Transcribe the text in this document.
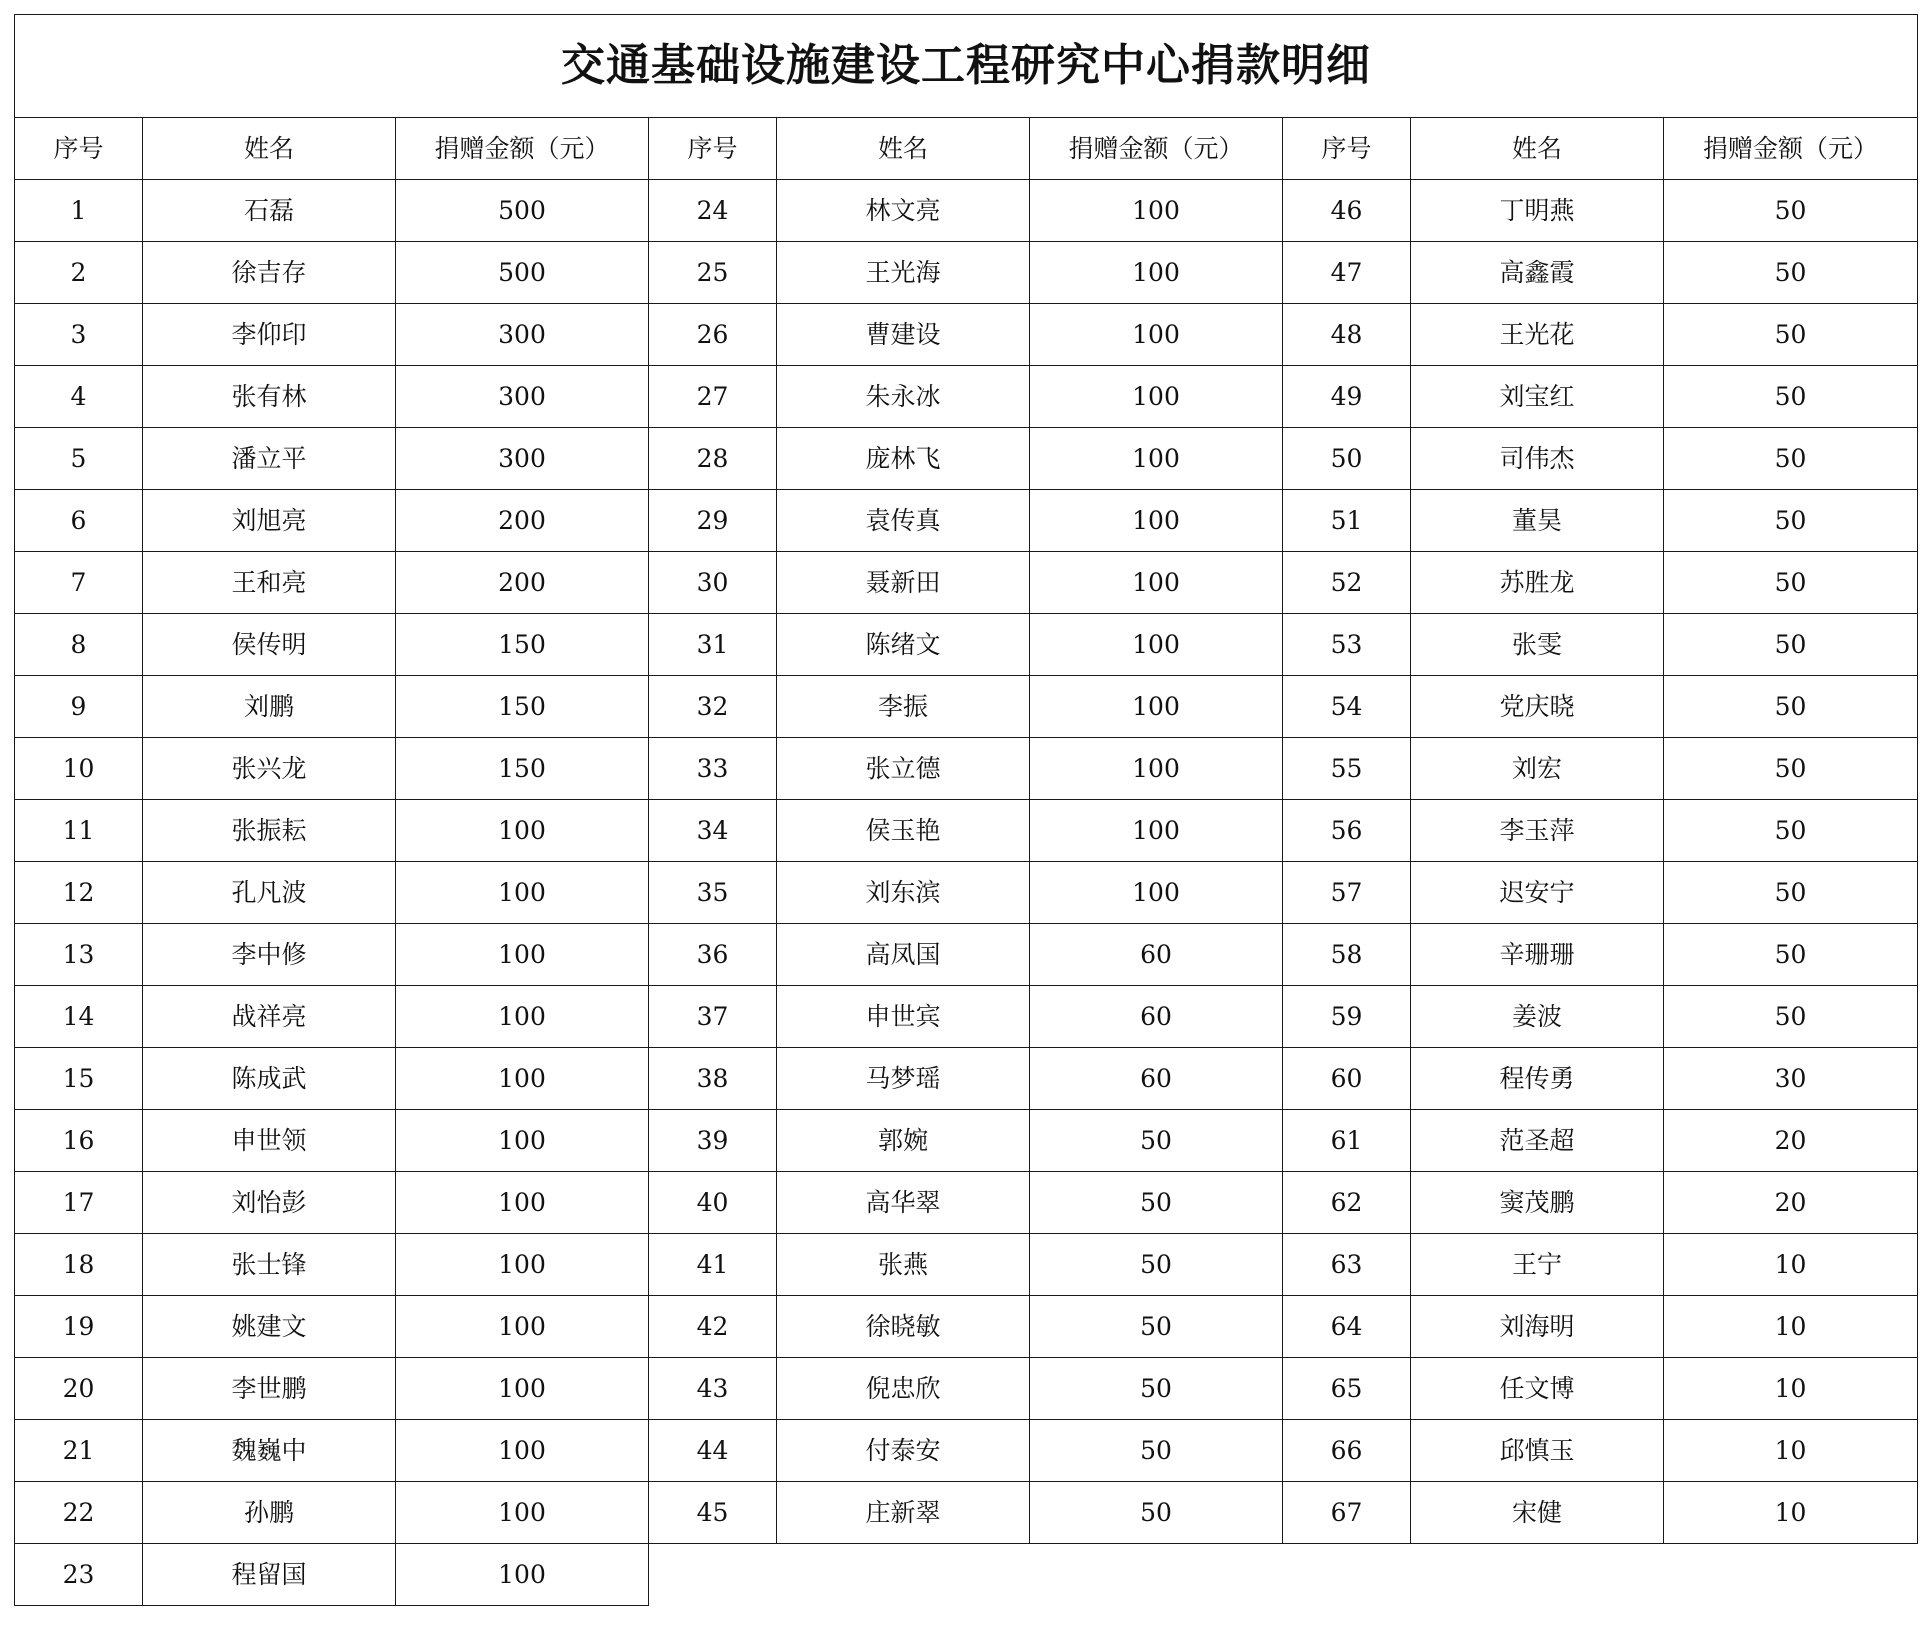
交通基础设施建设工程研究中心捐款明细								
序号	姓名	捐赠金额（元）	序号	姓名	捐赠金额（元）	序号	姓名	捐赠金额（元）
1	石磊	500	24	林文亮	100	46	丁明燕	50
2	徐吉存	500	25	王光海	100	47	高鑫霞	50
3	李仰印	300	26	曹建设	100	48	王光花	50
4	张有林	300	27	朱永冰	100	49	刘宝红	50
5	潘立平	300	28	庞林飞	100	50	司伟杰	50
6	刘旭亮	200	29	袁传真	100	51	董昊	50
7	王和亮	200	30	聂新田	100	52	苏胜龙	50
8	侯传明	150	31	陈绪文	100	53	张雯	50
9	刘鹏	150	32	李振	100	54	党庆晓	50
10	张兴龙	150	33	张立德	100	55	刘宏	50
11	张振耘	100	34	侯玉艳	100	56	李玉萍	50
12	孔凡波	100	35	刘东滨	100	57	迟安宁	50
13	李中修	100	36	高凤国	60	58	辛珊珊	50
14	战祥亮	100	37	申世宾	60	59	姜波	50
15	陈成武	100	38	马梦瑶	60	60	程传勇	30
16	申世领	100	39	郭婉	50	61	范圣超	20
17	刘怡彭	100	40	高华翠	50	62	窦茂鹏	20
18	张士锋	100	41	张燕	50	63	王宁	10
19	姚建文	100	42	徐晓敏	50	64	刘海明	10
20	李世鹏	100	43	倪忠欣	50	65	任文博	10
21	魏巍中	100	44	付泰安	50	66	邱慎玉	10
22	孙鹏	100	45	庄新翠	50	67	宋健	10
23	程留国	100						
